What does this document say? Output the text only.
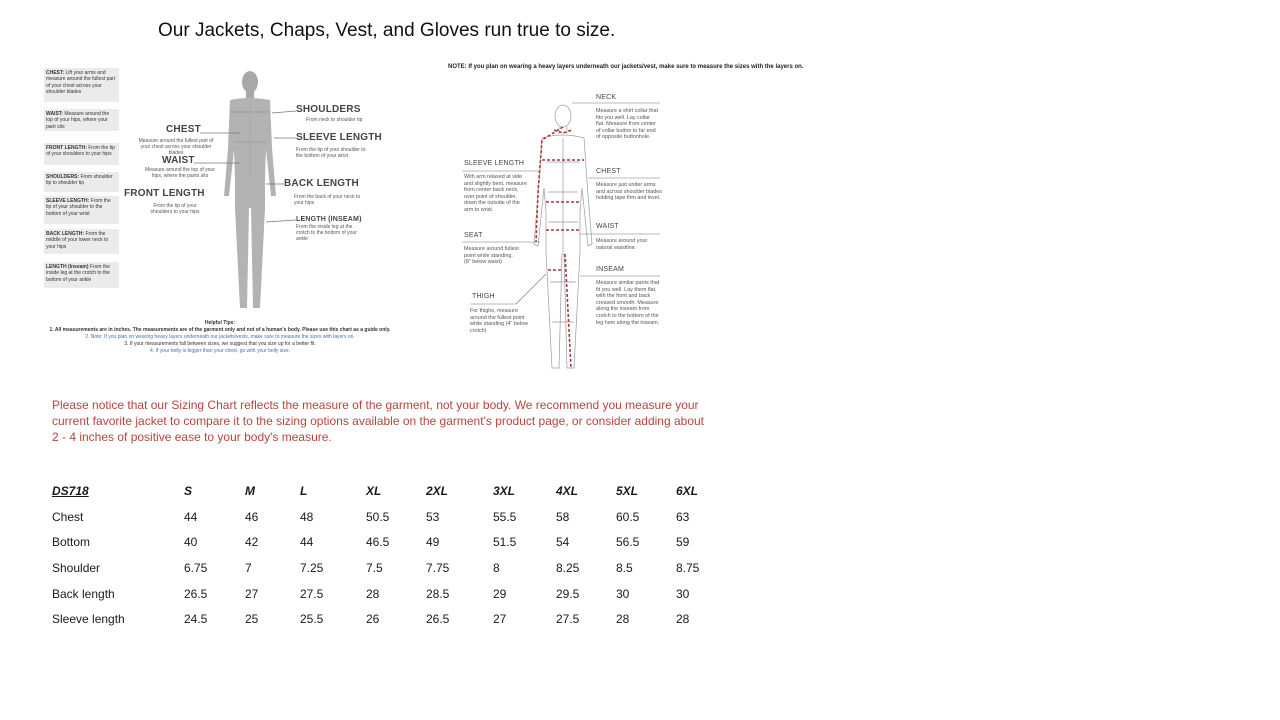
Our Jackets, Chaps, Vest, and Gloves run true to size.
CHEST: Lift your arms and measure around the fullest part of your chest across your shoulder blades
WAIST: Measure around the top of your hips, where your pant sits
FRONT LENGTH: From the tip of your shoulders to your hips
SHOULDERS: From shoulder tip to shoulder tip
SLEEVE LENGTH: From the tip of your shoulder to the bottom of your wrist
BACK LENGTH: From the middle of your lower neck to your hips
LENGTH (Inseam) From the inside leg at the crotch to the bottom of your ankle
CHEST
Measure around the fullest part of your chest across your shoulder blades
WAIST
Measure around the top of your hips, where the pants sits
FRONT LENGTH
From the tip of your shoulders to your hips
SHOULDERS
From neck to shoulder tip
SLEEVE LENGTH
From the tip of your shoulder to the bottom of your wrist
BACK LENGTH
From the back of your neck to your hips
LENGTH (INSEAM)
From the inside leg at the crotch to the bottom of your ankle
Helpful Tips:
1. All measurements are in inches. The measurements are of the garment only and not of a human's body. Please use this chart as a guide only.
2. Note: If you plan on wearing heavy layers underneath our jackets/vests, make sure to measure the sizes with layers on.
3. If your measurements fall between sizes, we suggest that you size up for a better fit.
4. If your belly is bigger than your chest, go with your belly size.
NOTE: If you plan on wearing a heavy layers underneath our jackets/vest, make sure to measure the sizes with the layers on.
NECK
Measure a shirt collar that fits you well. Lay collar flat. Measure from center of collar button to far end of opposite buttonhole.
CHEST
Measure just under arms and across shoulder blades holding tape firm and level.
WAIST
Measure around your natural waistline.
INSEAM
Measure similar pants that fit you well. Lay them flat, with the front and back creased smooth. Measure along the inseam from crotch to the bottom of the leg hem along the inseam.
SLEEVE LENGTH
With arm relaxed at side and slightly bent, measure from center back neck, over point of shoulder, down the outside of the arm to wrist.
SEAT
Measure around fullest point while standing. (8" below waist)
THIGH
For thighs, measure around the fullest point while standing (4" below crotch)
Please notice that our Sizing Chart reflects the measure of the garment, not your body. We recommend you measure your current favorite jacket to compare it to the sizing options available on the garment's product page, or consider adding about 2 - 4 inches of positive ease to your body's measure.
DS718	S	M	L	XL	2XL	3XL	4XL	5XL	6XL
Chest	44	46	48	50.5	53	55.5	58	60.5	63
Bottom	40	42	44	46.5	49	51.5	54	56.5	59
Shoulder	6.75	7	7.25	7.5	7.75	8	8.25	8.5	8.75
Back length	26.5	27	27.5	28	28.5	29	29.5	30	30
Sleeve length	24.5	25	25.5	26	26.5	27	27.5	28	28
